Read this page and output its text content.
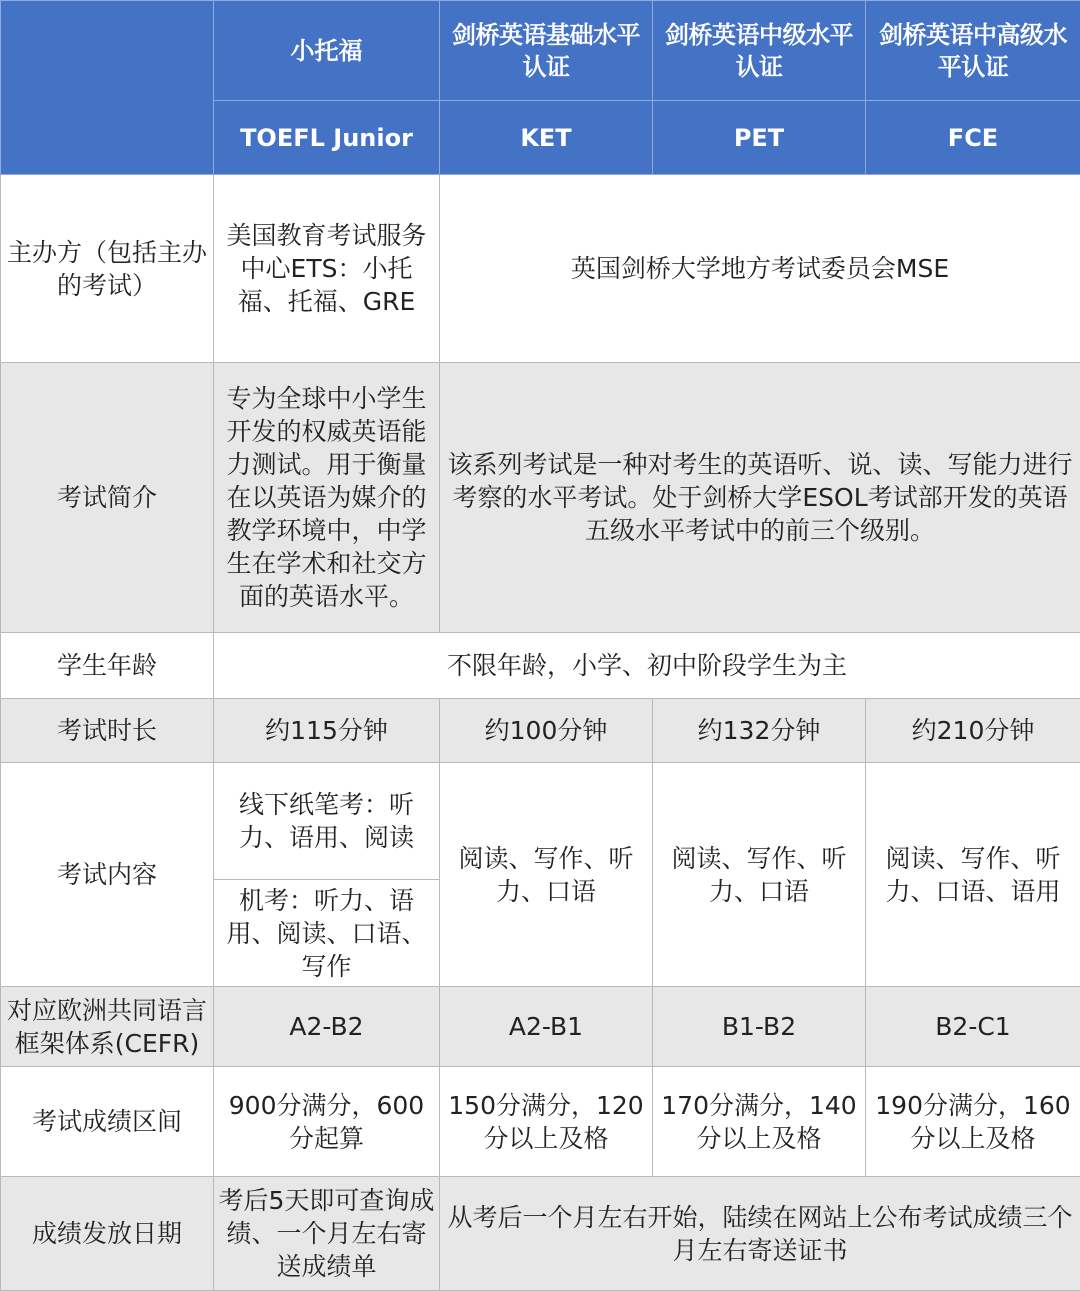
	小托福	剑桥英语基础水平认证	剑桥英语中级水平认证	剑桥英语中高级水平认证
	TOEFL Junior	KET	PET	FCE
主办方（包括主办的考试）	美国教育考试服务中心ETS：小托福、托福、GRE	英国剑桥大学地方考试委员会MSE		
考试简介	专为全球中小学生开发的权威英语能力测试。用于衡量在以英语为媒介的教学环境中，中学生在学术和社交方面的英语水平。	该系列考试是一种对考生的英语听、说、读、写能力进行考察的水平考试。处于剑桥大学ESOL考试部开发的英语五级水平考试中的前三个级别。		
学生年龄	不限年龄，小学、初中阶段学生为主			
考试时长	约115分钟	约100分钟	约132分钟	约210分钟
考试内容	线下纸笔考：听力、语用、阅读	阅读、写作、听力、口语	阅读、写作、听力、口语	阅读、写作、听力、口语、语用
	机考：听力、语用、阅读、口语、写作			
对应欧洲共同语言框架体系(CEFR)	A2-B2	A2-B1	B1-B2	B2-C1
考试成绩区间	900分满分，600分起算	150分满分，120分以上及格	170分满分，140分以上及格	190分满分，160分以上及格
成绩发放日期	考后5天即可查询成绩、一个月左右寄送成绩单	从考后一个月左右开始，陆续在网站上公布考试成绩三个月左右寄送证书		
